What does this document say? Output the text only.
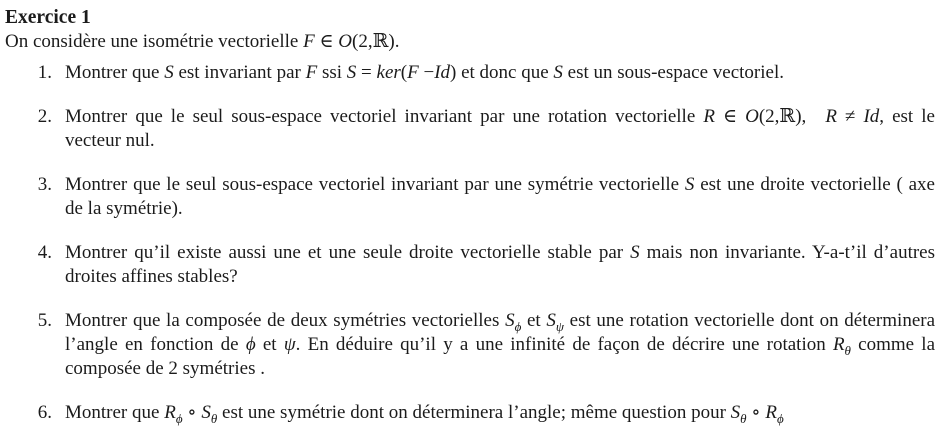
Exercice 1

On considère une isométrie vectorielle F ∈ O(2,ℝ).

1. Montrer que S est invariant par F ssi S = ker(F −Id) et donc que S est un sous-espace vectoriel.
2. Montrer que le seul sous-espace vectoriel invariant par une rotation vectorielle R ∈ O(2,ℝ),  R ≠ Id, est le vecteur nul.
3. Montrer que le seul sous-espace vectoriel invariant par une symétrie vectorielle S est une droite vectorielle ( axe de la symétrie).
4. Montrer qu’il existe aussi une et une seule droite vectorielle stable par S mais non invariante. Y-a-t’il d’autres droites affines stables?
5. Montrer que la composée de deux symétries vectorielles $S_\phi$ et $S_\psi$ est une rotation vectorielle dont on déterminera l’angle en fonction de ϕ et ψ. En déduire qu’il y a une infinité de façon de décrire une rotation $R_\theta$ comme la composée de 2 symétries .
6. Montrer que $R_\phi$ ∘ $S_\theta$ est une symétrie dont on déterminera l’angle; même question pour $S_\theta$ ∘ $R_\phi$
